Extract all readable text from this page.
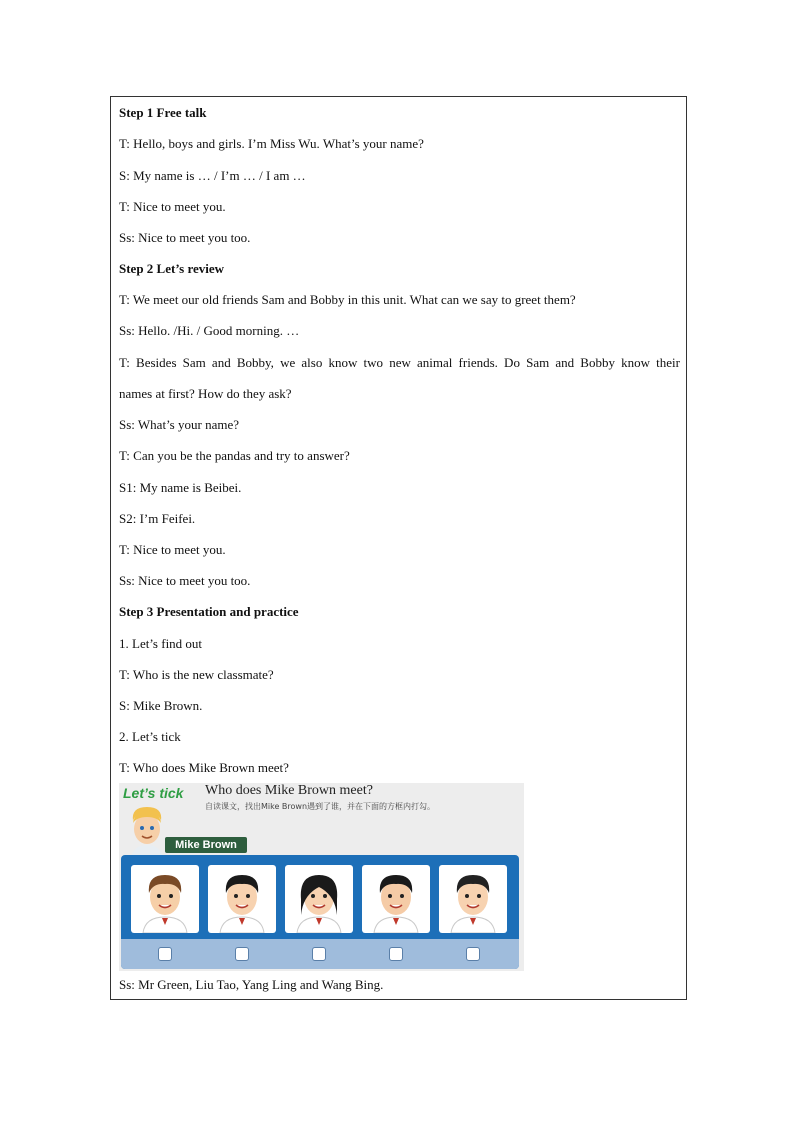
Step 1 Free talk
T: Hello, boys and girls. I’m Miss Wu. What’s your name?
S: My name is … / I’m … / I am …
T: Nice to meet you.
Ss: Nice to meet you too.
Step 2 Let’s review
T: We meet our old friends Sam and Bobby in this unit. What can we say to greet them?
Ss: Hello. /Hi. / Good morning. …
T: Besides Sam and Bobby, we also know two new animal friends. Do Sam and Bobby know their
names at first? How do they ask?
Ss: What’s your name?
T: Can you be the pandas and try to answer?
S1: My name is Beibei.
S2: I’m Feifei.
T: Nice to meet you.
Ss: Nice to meet you too.
Step 3 Presentation and practice
1. Let’s find out
T: Who is the new classmate?
S: Mike Brown.
2. Let’s tick
T: Who does Mike Brown meet?
Let’s tick Who does Mike Brown meet?
自读课文，找出Mike Brown遇到了谁，并在下面的方框内打勾。
Mike Brown
Ss: Mr Green, Liu Tao, Yang Ling and Wang Bing.
